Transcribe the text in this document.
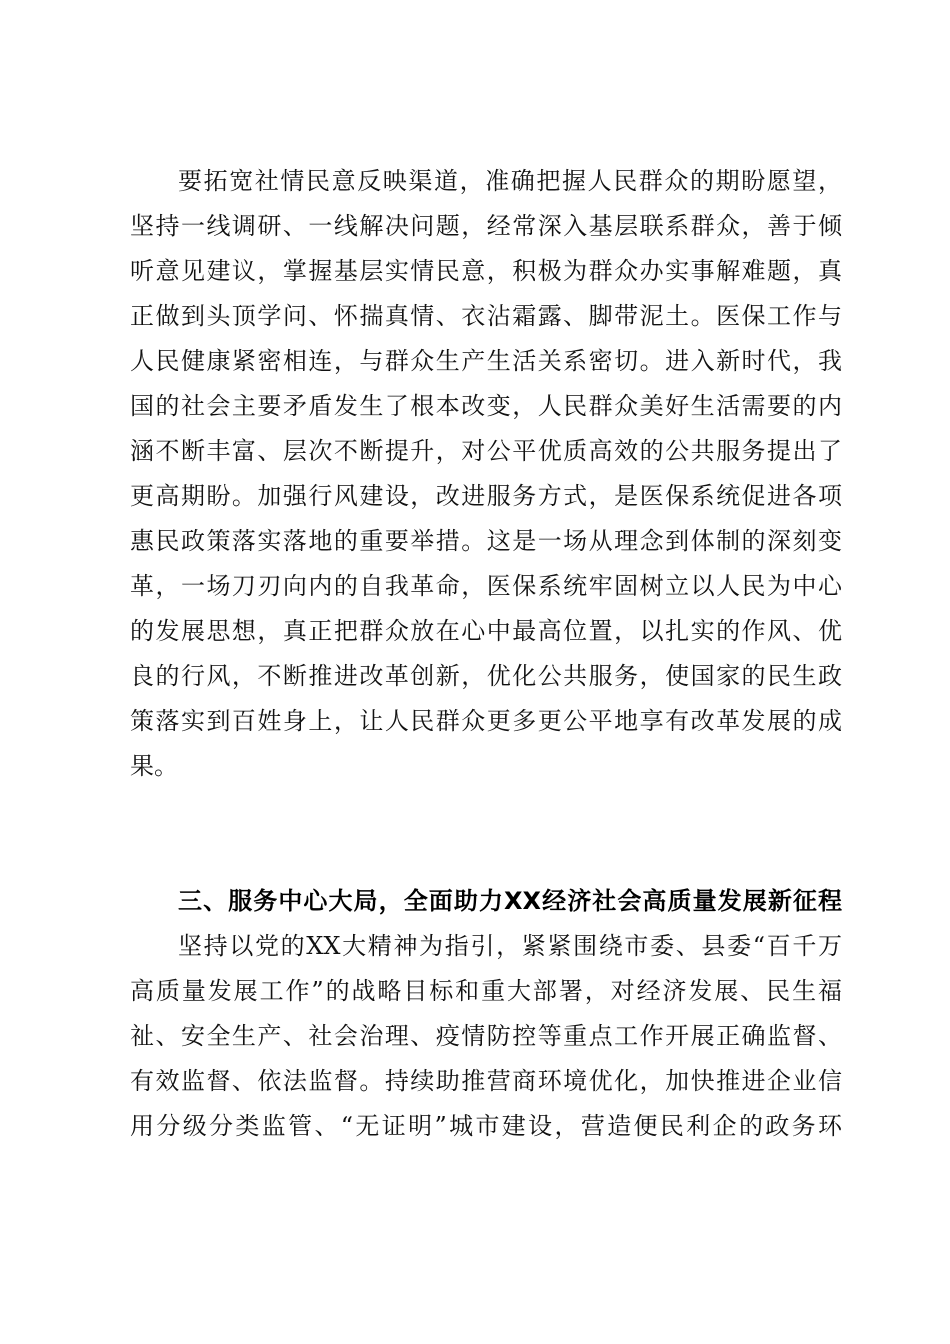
要拓宽社情民意反映渠道，准确把握人民群众的期盼愿望，
坚持一线调研、一线解决问题，经常深入基层联系群众，善于倾
听意见建议，掌握基层实情民意，积极为群众办实事解难题，真
正做到头顶学问、怀揣真情、衣沾霜露、脚带泥土。医保工作与
人民健康紧密相连，与群众生产生活关系密切。进入新时代，我
国的社会主要矛盾发生了根本改变，人民群众美好生活需要的内
涵不断丰富、层次不断提升，对公平优质高效的公共服务提出了
更高期盼。加强行风建设，改进服务方式，是医保系统促进各项
惠民政策落实落地的重要举措。这是一场从理念到体制的深刻变
革，一场刀刃向内的自我革命，医保系统牢固树立以人民为中心
的发展思想，真正把群众放在心中最高位置，以扎实的作风、优
良的行风，不断推进改革创新，优化公共服务，使国家的民生政
策落实到百姓身上，让人民群众更多更公平地享有改革发展的成
果。
三、服务中心大局，全面助力XX经济社会高质量发展新征程
坚持以党的XX大精神为指引，紧紧围绕市委、县委“百千万
高质量发展工作”的战略目标和重大部署，对经济发展、民生福
祉、安全生产、社会治理、疫情防控等重点工作开展正确监督、
有效监督、依法监督。持续助推营商环境优化，加快推进企业信
用分级分类监管、“无证明”城市建设，营造便民利企的政务环
